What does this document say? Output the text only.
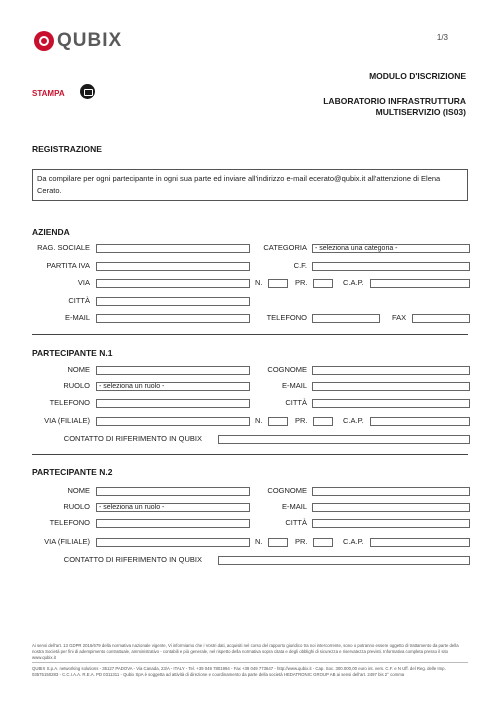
QUBIX	1/3
MODULO D'ISCRIZIONE
LABORATORIO INFRASTRUTTURA
MULTISERVIZIO (IS03)
STAMPA
REGISTRAZIONE
Da compilare per ogni partecipante in ogni sua parte ed inviare all'indirizzo e-mail ecerato@qubix.it all'attenzione di Elena Cerato.
AZIENDA
RAG. SOCIALE	CATEGORIA	- seleziona una categoria -
PARTITA IVA	C.F.
VIA	N.	PR.	C.A.P.
CITTÀ
E-MAIL	TELEFONO	FAX
PARTECIPANTE N.1
NOME	COGNOME
RUOLO	- seleziona un ruolo -	E-MAIL
TELEFONO	CITTÀ
VIA (FILIALE)	N.	PR.	C.A.P.
CONTATTO DI RIFERIMENTO IN QUBIX
PARTECIPANTE N.2
NOME	COGNOME
RUOLO	- seleziona un ruolo -	E-MAIL
TELEFONO	CITTÀ
VIA (FILIALE)	N.	PR.	C.A.P.
CONTATTO DI RIFERIMENTO IN QUBIX
Ai sensi dell'art. 13 GDPR 2016/679 della normativa nazionale vigente, Vi informiamo che i Vostri dati, acquisiti nel corso del rapporto giuridico tra noi intercorrente, sono o potranno essere oggetto di trattamento da parte della nostra Società per fini di adempimento contrattuale, amministrativo - contabili e più generale, nel rispetto della normativa sopra citata e degli obblighi di sicurezza e riservatezza previsti. Informativa completa presso il sito www.qubix.it
QUBIX S.p.A. networking solutions - 35127 PADOVA - Via Canada, 23/A - ITALY - Tel. +39 049 7801994 - Fax +39 049 773647 - http://www.qubix.it - Cap. Soc. 300.000,00 euro int. vers. C.F. e N Uff. del Reg. delle Imp. 03575150283 - C.C.I.A.A. R.E.A. PD 0311311 - Qubix SpA è soggetta ad attività di direzione e coordinamento da parte della società HEDATRONIC GROUP AB ai sensi dell'art. 2497 bis 2° comma
